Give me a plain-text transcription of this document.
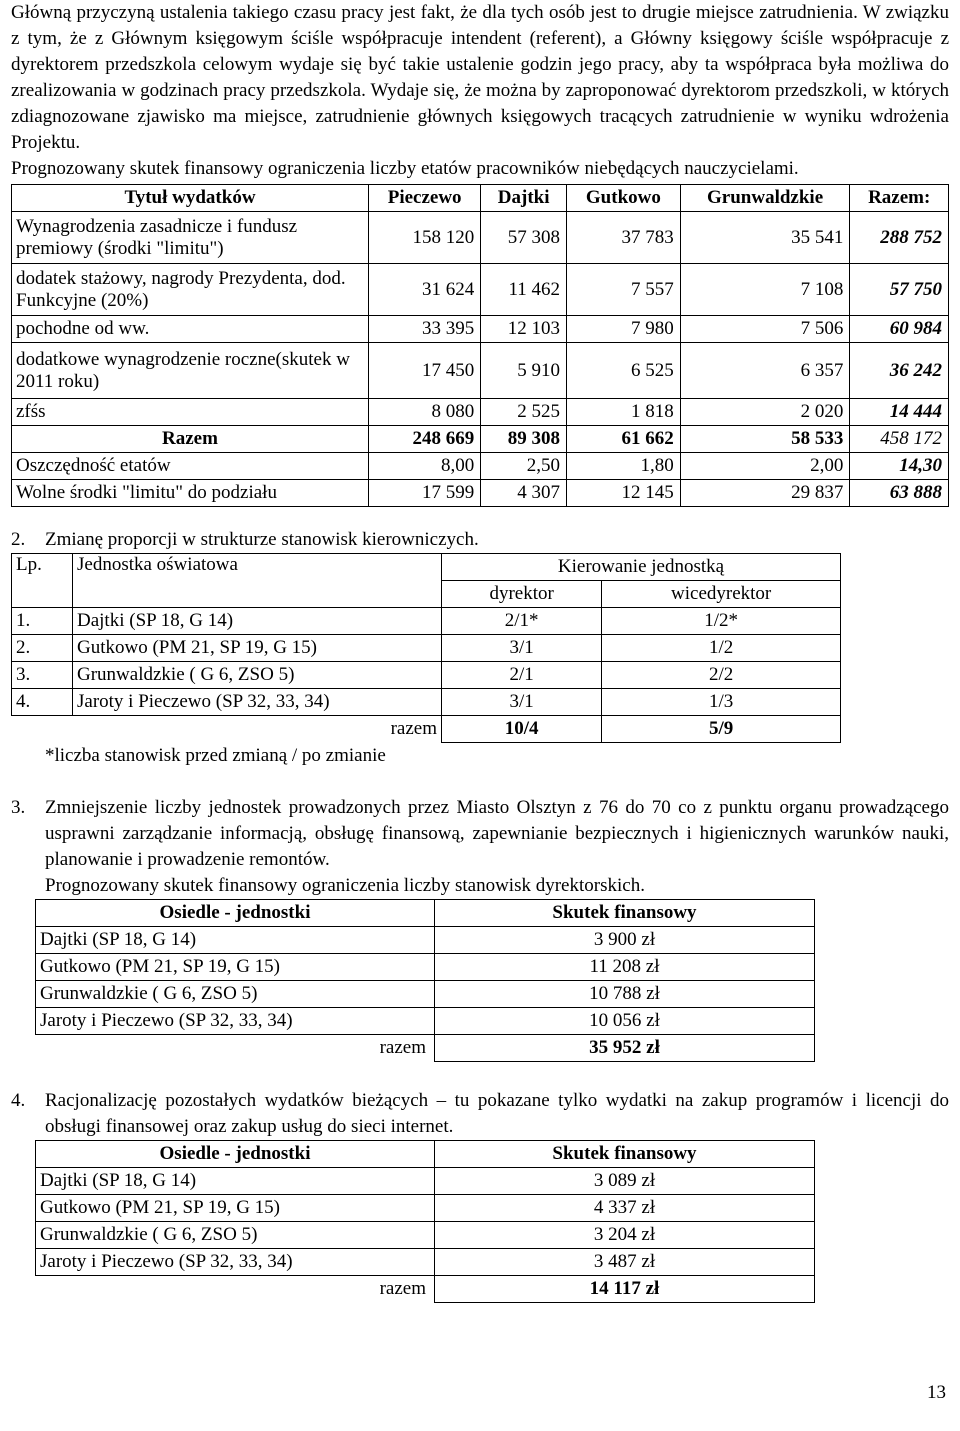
Główną przyczyną ustalenia takiego czasu pracy jest fakt, że dla tych osób jest to drugie miejsce zatrudnienia. W związku z tym, że z Głównym księgowym ściśle współpracuje intendent (referent), a Główny księgowy ściśle współpracuje z dyrektorem przedszkola celowym wydaje się być takie ustalenie godzin jego pracy, aby ta współpraca była możliwa do zrealizowania w godzinach pracy przedszkola. Wydaje się, że można by zaproponować dyrektorom przedszkoli, w których zdiagnozowane zjawisko ma miejsce, zatrudnienie głównych księgowych tracących zatrudnienie w wyniku wdrożenia Projektu.

Prognozowany skutek finansowy ograniczenia liczby etatów pracowników niebędących nauczycielami.

Tytuł wydatków	Pieczewo	Dajtki	Gutkowo	Grunwaldzkie	Razem:
Wynagrodzenia zasadnicze i fundusz premiowy (środki "limitu")	158 120	57 308	37 783	35 541	288 752
dodatek stażowy, nagrody Prezydenta, dod. Funkcyjne (20%)	31 624	11 462	7 557	7 108	57 750
pochodne od ww.	33 395	12 103	7 980	7 506	60 984
dodatkowe wynagrodzenie roczne(skutek w 2011 roku)	17 450	5 910	6 525	6 357	36 242
zfśs	8 080	2 525	1 818	2 020	14 444
Razem	248 669	89 308	61 662	58 533	458 172
Oszczędność etatów	8,00	2,50	1,80	2,00	14,30
Wolne środki "limitu" do podziału	17 599	4 307	12 145	29 837	63 888
2.	Zmianę proporcji w strukturze stanowisk kierowniczych.
Lp.	Jednostka oświatowa	Kierowanie jednostką	
		dyrektor	wicedyrektor
1.	Dajtki (SP 18, G 14)	2/1*	1/2*
2.	Gutkowo (PM 21, SP 19, G 15)	3/1	1/2
3.	Grunwaldzkie ( G 6, ZSO 5)	2/1	2/2
4.	Jaroty i Pieczewo (SP 32, 33, 34)	3/1	1/3
	razem	10/4	5/9

*liczba stanowisk przed zmianą / po zmianie

3.	Zmniejszenie liczby jednostek prowadzonych przez Miasto Olsztyn z 76 do 70 co z punktu organu prowadzącego usprawni zarządzanie informacją, obsługę finansową, zapewnianie bezpiecznych i higienicznych warunków nauki, planowanie i prowadzenie remontów.

Prognozowany skutek finansowy ograniczenia liczby stanowisk dyrektorskich.

Osiedle - jednostki	Skutek finansowy
Dajtki (SP 18, G 14)	3 900 zł
Gutkowo (PM 21, SP 19, G 15)	11 208 zł
Grunwaldzkie ( G 6, ZSO 5)	10 788 zł
Jaroty i Pieczewo (SP 32, 33, 34)	10 056 zł
razem	35 952 zł
4.	Racjonalizację pozostałych wydatków bieżących – tu pokazane tylko wydatki na zakup programów i licencji do obsługi finansowej oraz zakup usług do sieci internet.

Osiedle - jednostki	Skutek finansowy
Dajtki (SP 18, G 14)	3 089 zł
Gutkowo (PM 21, SP 19, G 15)	4 337 zł
Grunwaldzkie ( G 6, ZSO 5)	3 204 zł
Jaroty i Pieczewo (SP 32, 33, 34)	3 487 zł
razem	14 117 zł
13
